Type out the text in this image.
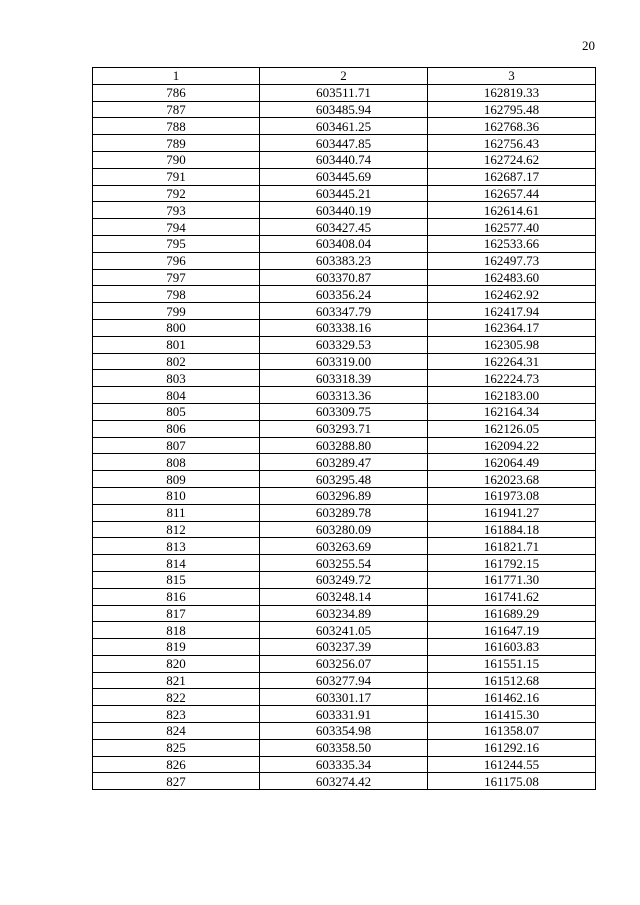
20
1	2	3
786	603511.71	162819.33
787	603485.94	162795.48
788	603461.25	162768.36
789	603447.85	162756.43
790	603440.74	162724.62
791	603445.69	162687.17
792	603445.21	162657.44
793	603440.19	162614.61
794	603427.45	162577.40
795	603408.04	162533.66
796	603383.23	162497.73
797	603370.87	162483.60
798	603356.24	162462.92
799	603347.79	162417.94
800	603338.16	162364.17
801	603329.53	162305.98
802	603319.00	162264.31
803	603318.39	162224.73
804	603313.36	162183.00
805	603309.75	162164.34
806	603293.71	162126.05
807	603288.80	162094.22
808	603289.47	162064.49
809	603295.48	162023.68
810	603296.89	161973.08
811	603289.78	161941.27
812	603280.09	161884.18
813	603263.69	161821.71
814	603255.54	161792.15
815	603249.72	161771.30
816	603248.14	161741.62
817	603234.89	161689.29
818	603241.05	161647.19
819	603237.39	161603.83
820	603256.07	161551.15
821	603277.94	161512.68
822	603301.17	161462.16
823	603331.91	161415.30
824	603354.98	161358.07
825	603358.50	161292.16
826	603335.34	161244.55
827	603274.42	161175.08
